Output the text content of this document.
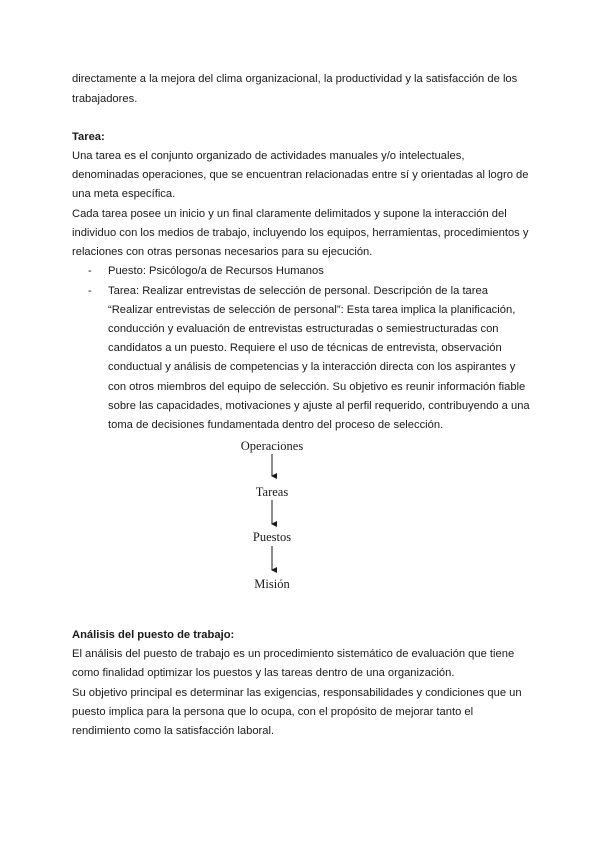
directamente a la mejora del clima organizacional, la productividad y la satisfacción de los
trabajadores.
Tarea:
Una tarea es el conjunto organizado de actividades manuales y/o intelectuales,
denominadas operaciones, que se encuentran relacionadas entre sí y orientadas al logro de
una meta específica.
Cada tarea posee un inicio y un final claramente delimitados y supone la interacción del
individuo con los medios de trabajo, incluyendo los equipos, herramientas, procedimientos y
relaciones con otras personas necesarios para su ejecución.
- Puesto: Psicólogo/a de Recursos Humanos
- Tarea: Realizar entrevistas de selección de personal. Descripción de la tarea
“Realizar entrevistas de selección de personal”: Esta tarea implica la planificación,
conducción y evaluación de entrevistas estructuradas o semiestructuradas con
candidatos a un puesto. Requiere el uso de técnicas de entrevista, observación
conductual y análisis de competencias y la interacción directa con los aspirantes y
con otros miembros del equipo de selección. Su objetivo es reunir información fiable
sobre las capacidades, motivaciones y ajuste al perfil requerido, contribuyendo a una
toma de decisiones fundamentada dentro del proceso de selección.
Operaciones
Tareas
Puestos
Misión
Análisis del puesto de trabajo:
El análisis del puesto de trabajo es un procedimiento sistemático de evaluación que tiene
como finalidad optimizar los puestos y las tareas dentro de una organización.
Su objetivo principal es determinar las exigencias, responsabilidades y condiciones que un
puesto implica para la persona que lo ocupa, con el propósito de mejorar tanto el
rendimiento como la satisfacción laboral.
